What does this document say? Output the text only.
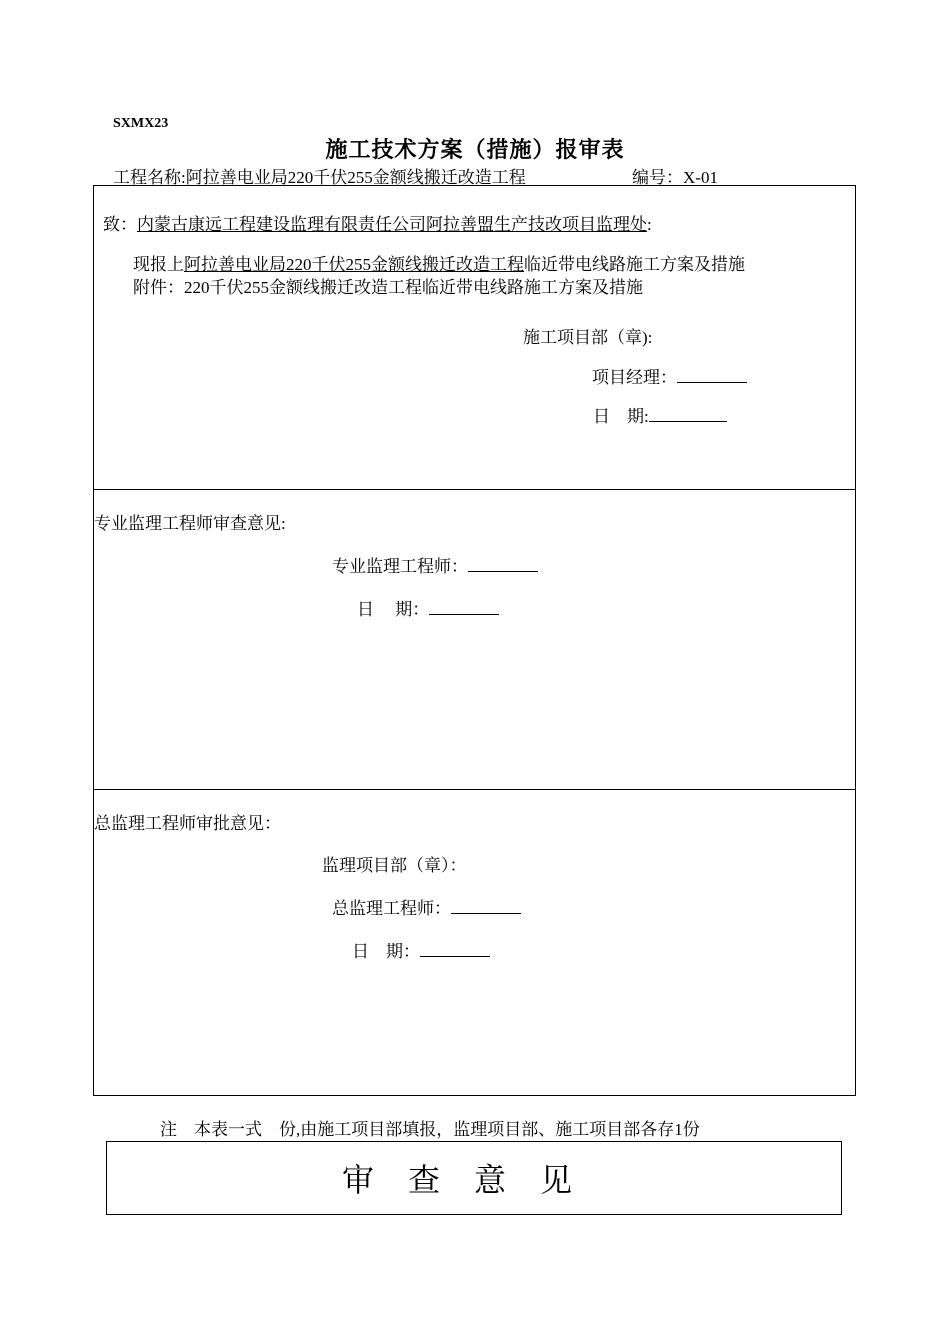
SXMX23
施工技术方案（措施）报审表
工程名称:阿拉善电业局220千伏255金额线搬迁改造工程	编号：X-01
致：内蒙古康远工程建设监理有限责任公司阿拉善盟生产技改项目监理处:
现报上阿拉善电业局220千伏255金额线搬迁改造工程临近带电线路施工方案及措施
附件：220千伏255金额线搬迁改造工程临近带电线路施工方案及措施
施工项目部（章):
项目经理：
日　期:
专业监理工程师审查意见:
专业监理工程师：
日　 期：
总监理工程师审批意见：
监理项目部（章）：
总监理工程师：
日　期：
注　本表一式　份,由施工项目部填报，监理项目部、施工项目部各存1份
审查意见
